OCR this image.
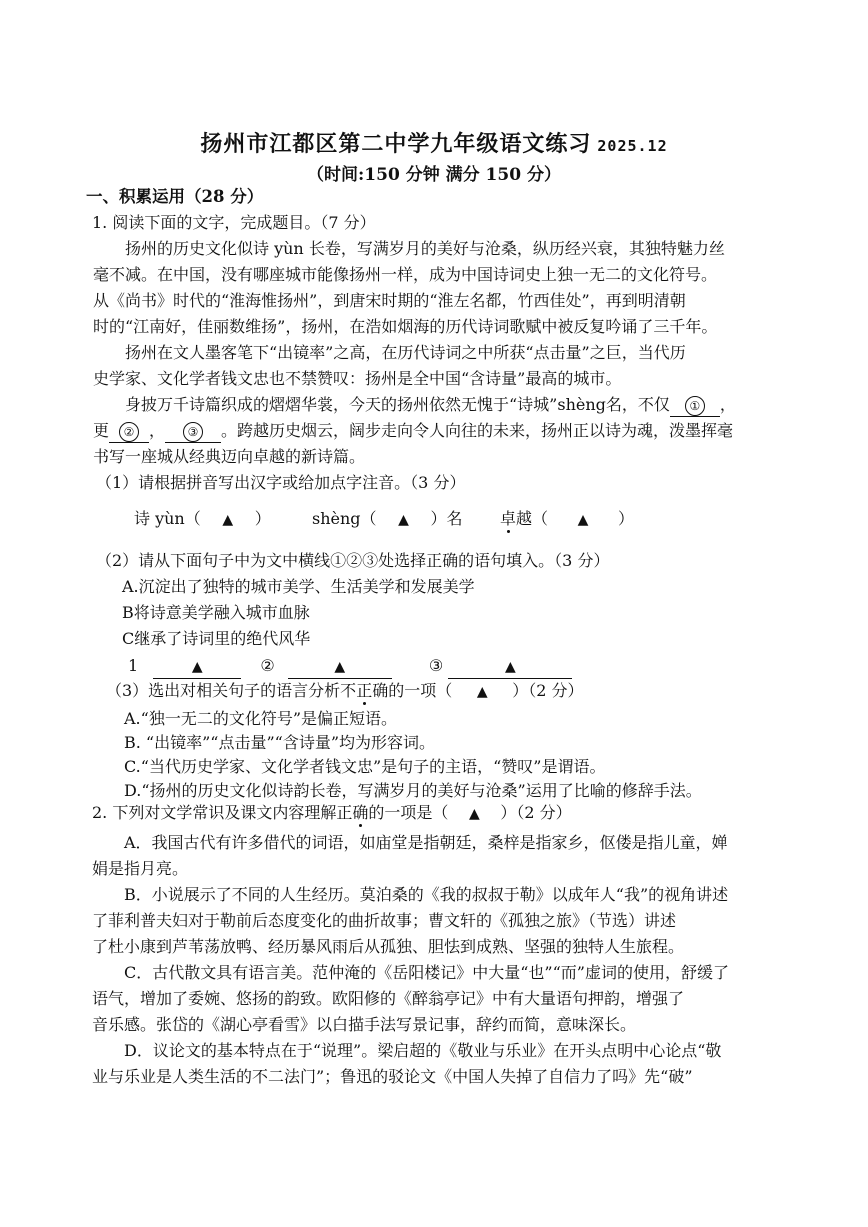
扬州市江都区第二中学九年级语文练习 2025.12
（时间:150 分钟 满分 150 分）
一、积累运用（28 分）
1. 阅读下面的文字，完成题目。（7 分）
扬州的历史文化似诗 yùn 长卷，写满岁月的美好与沧桑，纵历经兴衰，其独特魅力丝
毫不减。在中国，没有哪座城市能像扬州一样，成为中国诗词史上独一无二的文化符号。
从《尚书》时代的“淮海惟扬州”，到唐宋时期的“淮左名都，竹西佳处”，再到明清朝
时的“江南好，佳丽数维扬”，扬州，在浩如烟海的历代诗词歌赋中被反复吟诵了三千年。
扬州在文人墨客笔下“出镜率”之高，在历代诗词之中所获“点击量”之巨，当代历
史学家、文化学者钱文忠也不禁赞叹：扬州是全中国“含诗量”最高的城市。
身披万千诗篇织成的熠熠华裳，今天的扬州依然无愧于“诗城”shèng名，不仅 ① ，
更 ② ， ③ 。跨越历史烟云，阔步走向令人向往的未来，扬州正以诗为魂，泼墨挥毫
书写一座城从经典迈向卓越的新诗篇。
（1）请根据拼音写出汉字或给加点字注音。（3 分）
诗 yùn（ ▲ ）	shèng（ ▲ ）名 卓越（ ▲ ）
（2）请从下面句子中为文中横线①②③处选择正确的语句填入。（3 分）
A.沉淀出了独特的城市美学、生活美学和发展美学
B将诗意美学融入城市血脉
C继承了诗词里的绝代风华
1	▲	②	▲	③	▲
（3）选出对相关句子的语言分析不正确的一项（ ▲ ）（2 分）
A.“独一无二的文化符号”是偏正短语。
B. “出镜率”“点击量”“含诗量”均为形容词。
C.“当代历史学家、文化学者钱文忠”是句子的主语，“赞叹”是谓语。
D.“扬州的历史文化似诗韵长卷，写满岁月的美好与沧桑”运用了比喻的修辞手法。
2. 下列对文学常识及课文内容理解正确的一项是（ ▲ ）（2 分）
A．我国古代有许多借代的词语，如庙堂是指朝廷，桑梓是指家乡，伛偻是指儿童，婵
娟是指月亮。
B．小说展示了不同的人生经历。莫泊桑的《我的叔叔于勒》以成年人“我”的视角讲述
了菲利普夫妇对于勒前后态度变化的曲折故事；曹文轩的《孤独之旅》（节选）讲述
了杜小康到芦苇荡放鸭、经历暴风雨后从孤独、胆怯到成熟、坚强的独特人生旅程。
C．古代散文具有语言美。范仲淹的《岳阳楼记》中大量“也”“而”虚词的使用，舒缓了
语气，增加了委婉、悠扬的韵致。欧阳修的《醉翁亭记》中有大量语句押韵，增强了
音乐感。张岱的《湖心亭看雪》以白描手法写景记事，辞约而简，意味深长。
D．议论文的基本特点在于“说理”。梁启超的《敬业与乐业》在开头点明中心论点“敬
业与乐业是人类生活的不二法门”；鲁迅的驳论文《中国人失掉了自信力了吗》先“破”
